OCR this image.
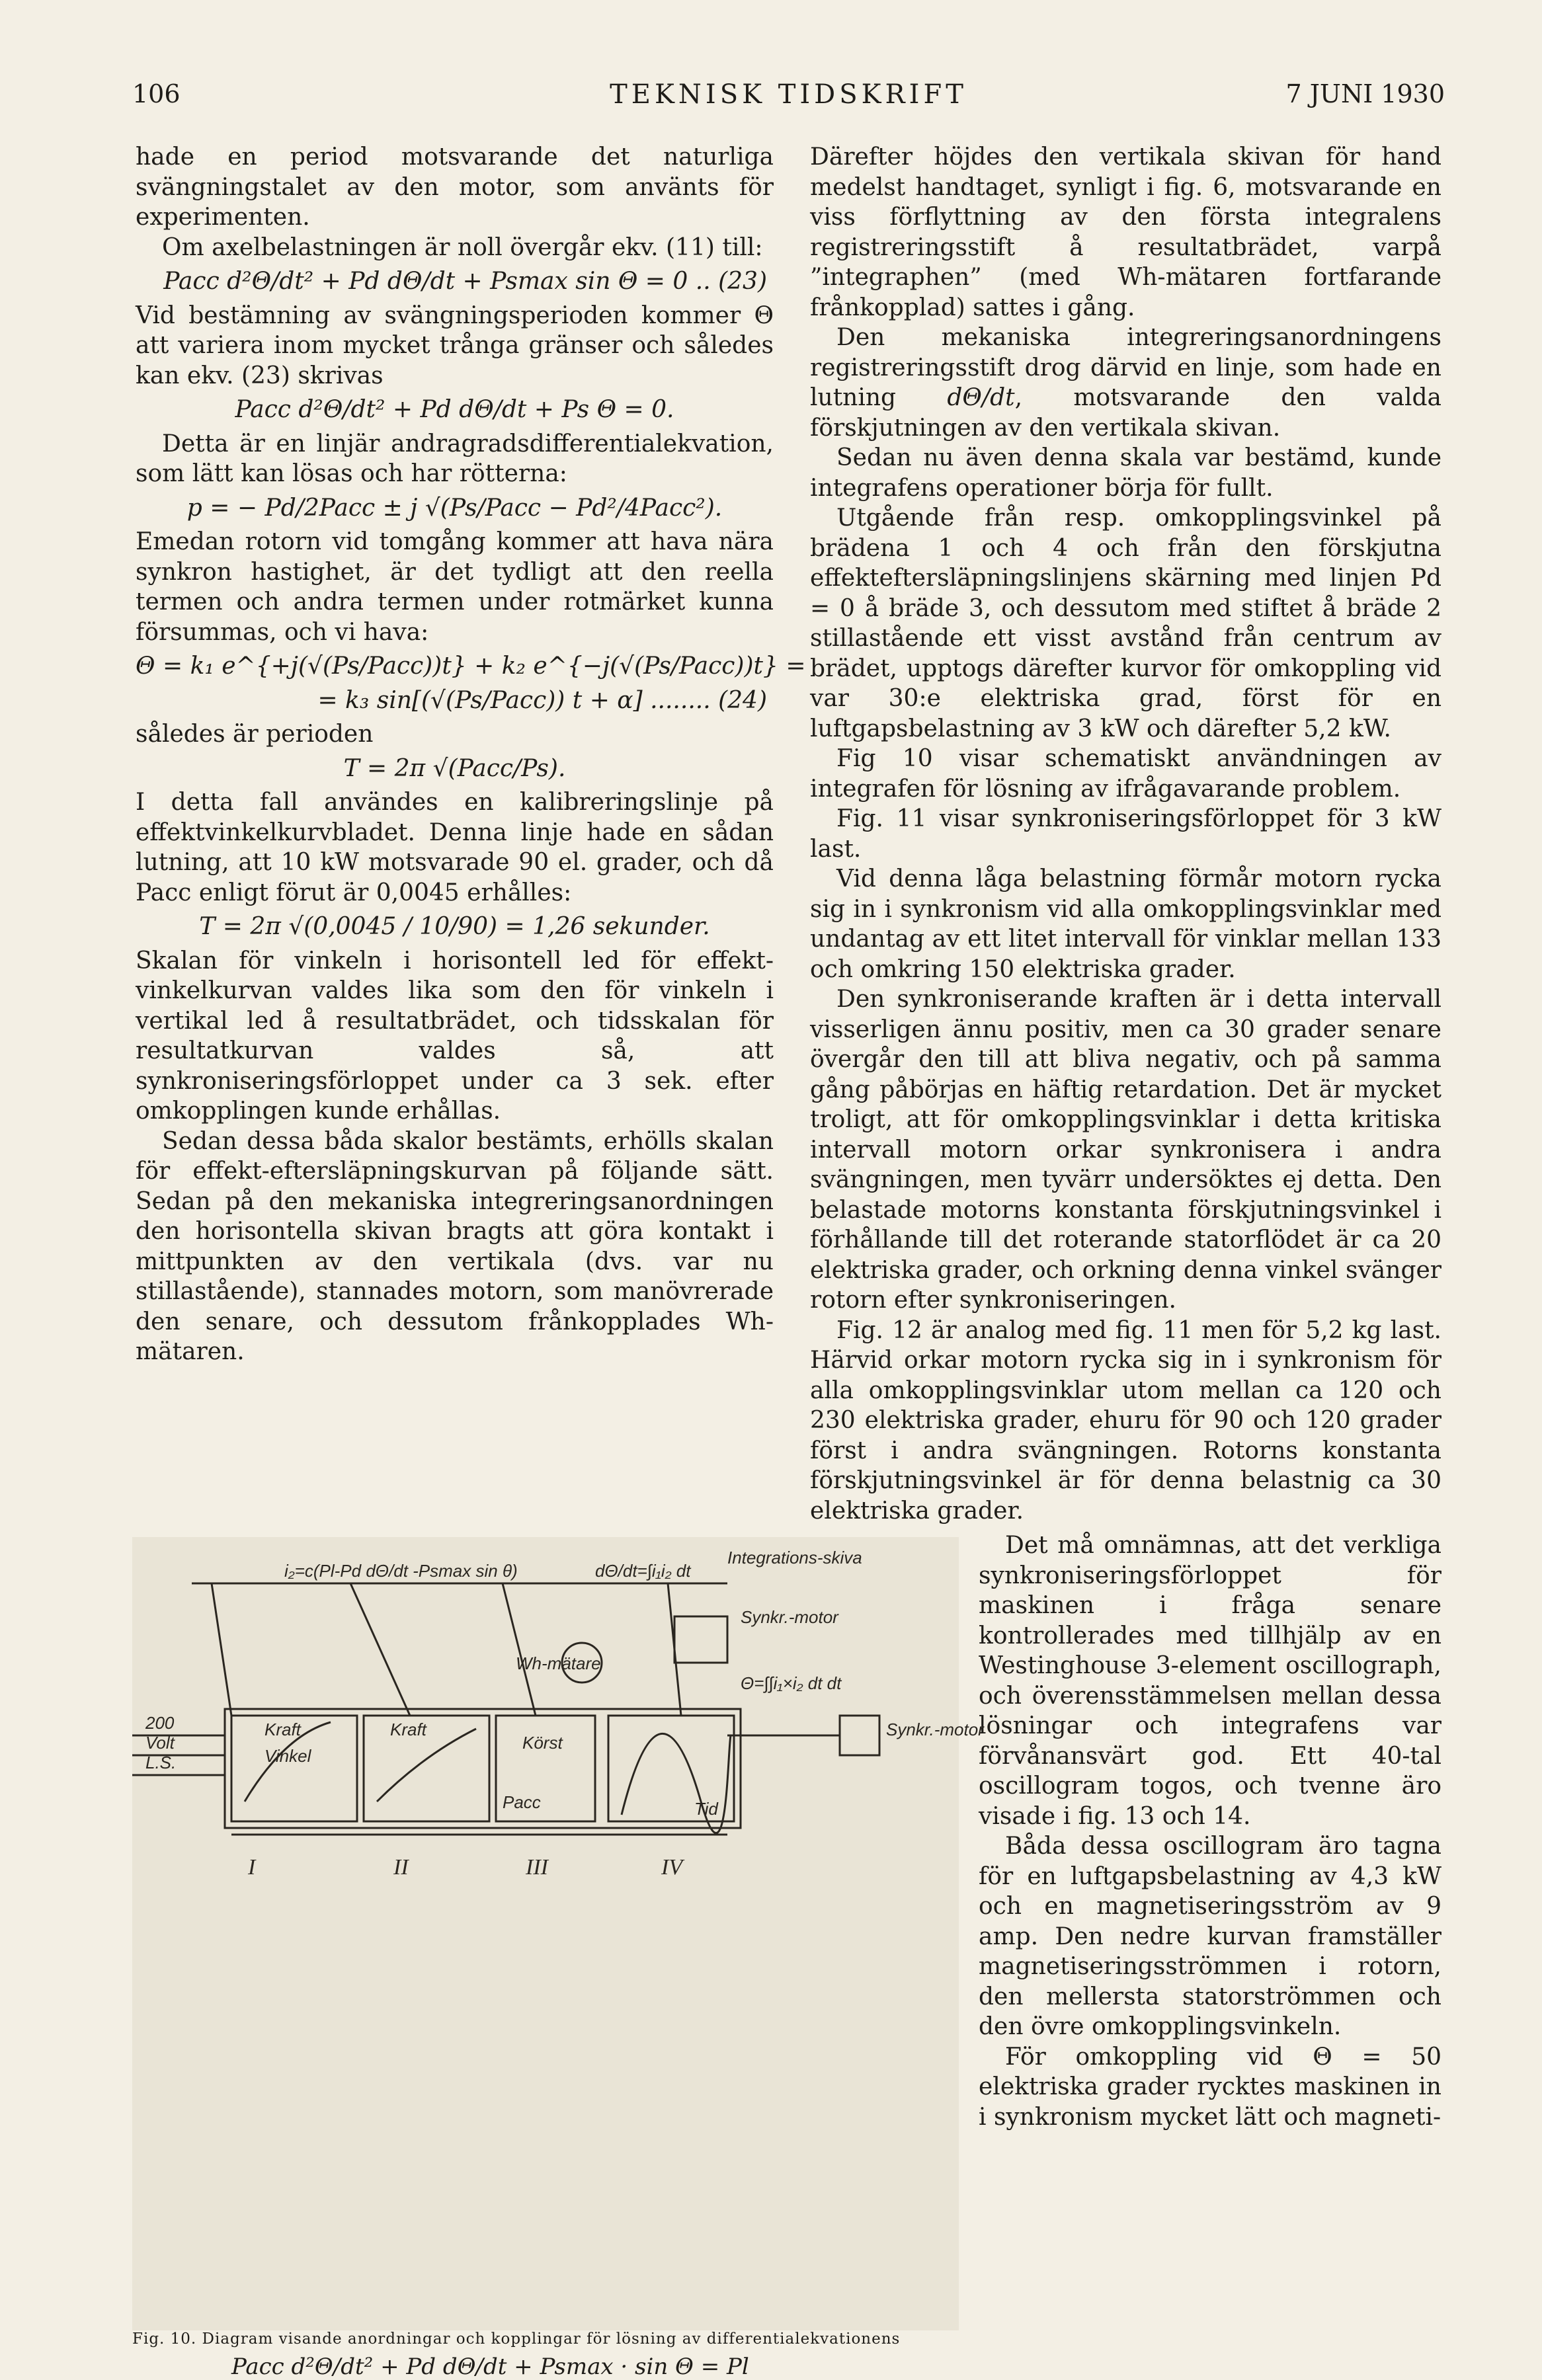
106	TEKNISK TIDSKRIFT	7 JUNI 1930

hade en period motsvarande det naturliga svängningstalet av den motor, som använts för experimenten.

Om axelbelastningen är noll övergår ekv. (11) till:

Pacc d²Θ/dt² + Pd dΘ/dt + Psmax sin Θ = 0 .. (23)

Vid bestämning av svängningsperioden kommer Θ att variera inom mycket trånga gränser och således kan ekv. (23) skrivas

Pacc d²Θ/dt² + Pd dΘ/dt + Ps Θ = 0.

Detta är en linjär andragradsdifferentialekvation, som lätt kan lösas och har rötterna:

p = − Pd/2Pacc ± j √(Ps/Pacc − Pd²/4Pacc²).

Emedan rotorn vid tomgång kommer att hava nära synkron hastighet, är det tydligt att den reella termen och andra termen under rotmärket kunna försummas, och vi hava:

Θ = k₁ e^{+j(√(Ps/Pacc))t} + k₂ e^{−j(√(Ps/Pacc))t} =
= k₃ sin[(√(Ps/Pacc)) t + α] ........ (24)

således är perioden

T = 2π √(Pacc/Ps).

I detta fall användes en kalibreringslinje på effektvinkelkurvbladet. Denna linje hade en sådan lutning, att 10 kW motsvarade 90 el. grader, och då Pacc enligt förut är 0,0045 erhålles:

T = 2π √(0,0045 / 10/90) = 1,26 sekunder.

Skalan för vinkeln i horisontell led för effekt-vinkelkurvan valdes lika som den för vinkeln i vertikal led å resultatbrädet, och tidsskalan för resultatkurvan valdes så, att synkroniseringsförloppet under ca 3 sek. efter omkopplingen kunde erhållas.

Sedan dessa båda skalor bestämts, erhölls skalan för effekt-eftersläpningskurvan på följande sätt. Sedan på den mekaniska integreringsanordningen den horisontella skivan bragts att göra kontakt i mittpunkten av den vertikala (dvs. var nu stillastående), stannades motorn, som manövrerade den senare, och dessutom frånkopplades Wh-mätaren.

Därefter höjdes den vertikala skivan för hand medelst handtaget, synligt i fig. 6, motsvarande en viss förflyttning av den första integralens registreringsstift å resultatbrädet, varpå ”integraphen” (med Wh-mätaren fortfarande frånkopplad) sattes i gång.

Den mekaniska integreringsanordningens registreringsstift drog därvid en linje, som hade en lutning dΘ/dt, motsvarande den valda förskjutningen av den vertikala skivan.

Sedan nu även denna skala var bestämd, kunde integrafens operationer börja för fullt.

Utgående från resp. omkopplingsvinkel på brädena 1 och 4 och från den förskjutna effekteftersläpningslinjens skärning med linjen Pd = 0 å bräde 3, och dessutom med stiftet å bräde 2 stillastående ett visst avstånd från centrum av brädet, upptogs därefter kurvor för omkoppling vid var 30:e elektriska grad, först för en luftgapsbelastning av 3 kW och därefter 5,2 kW.

Fig 10 visar schematiskt användningen av integrafen för lösning av ifrågavarande problem.

Fig. 11 visar synkroniseringsförloppet för 3 kW last.

Vid denna låga belastning förmår motorn rycka sig in i synkronism vid alla omkopplingsvinklar med undantag av ett litet intervall för vinklar mellan 133 och omkring 150 elektriska grader.

Den synkroniserande kraften är i detta intervall visserligen ännu positiv, men ca 30 grader senare övergår den till att bliva negativ, och på samma gång påbörjas en häftig retardation. Det är mycket troligt, att för omkopplingsvinklar i detta kritiska intervall motorn orkar synkronisera i andra svängningen, men tyvärr undersöktes ej detta. Den belastade motorns konstanta förskjutningsvinkel i förhållande till det roterande statorflödet är ca 20 elektriska grader, och orkning denna vinkel svänger rotorn efter synkroniseringen.

Fig. 12 är analog med fig. 11 men för 5,2 kg last. Härvid orkar motorn rycka sig in i synkronism för alla omkopplingsvinklar utom mellan ca 120 och 230 elektriska grader, ehuru för 90 och 120 grader först i andra svängningen. Rotorns konstanta förskjutningsvinkel är för denna belastnig ca 30 elektriska grader.

Det må omnämnas, att det verkliga synkroniseringsförloppet för maskinen i fråga senare kontrollerades med tillhjälp av en Westinghouse 3-element oscillograph, och överensstämmelsen mellan dessa lösningar och integrafens var förvånansvärt god. Ett 40-tal oscillogram togos, och tvenne äro visade i fig. 13 och 14.

Båda dessa oscillogram äro tagna för en luftgapsbelastning av 4,3 kW och en magnetiseringsström av 9 amp. Den nedre kurvan framställer magnetiseringsströmmen i rotorn, den mellersta statorströmmen och den övre omkopplingsvinkeln.

För omkoppling vid Θ = 50 elektriska grader rycktes maskinen in i synkronism mycket lätt och magneti-

i₂=c(Pl-Pd dΘ/dt -Psmax sin θ)	dΘ/dt=∫i₁i₂ dt
Integrations-skiva
Synkr.-motor
Wh-mätare
Θ=∫∫i₁×i₂ dt dt
Synkr.-motor
Kraft
Vinkel
Kraft
Körst
Pacc	Tid
200
Volt
L.S.
I	II	III	IV
Fig. 10. Diagram visande anordningar och kopplingar för lösning av differentialekvationens
Pacc d²Θ/dt² + Pd dΘ/dt + Psmax · sin Θ = Pl
